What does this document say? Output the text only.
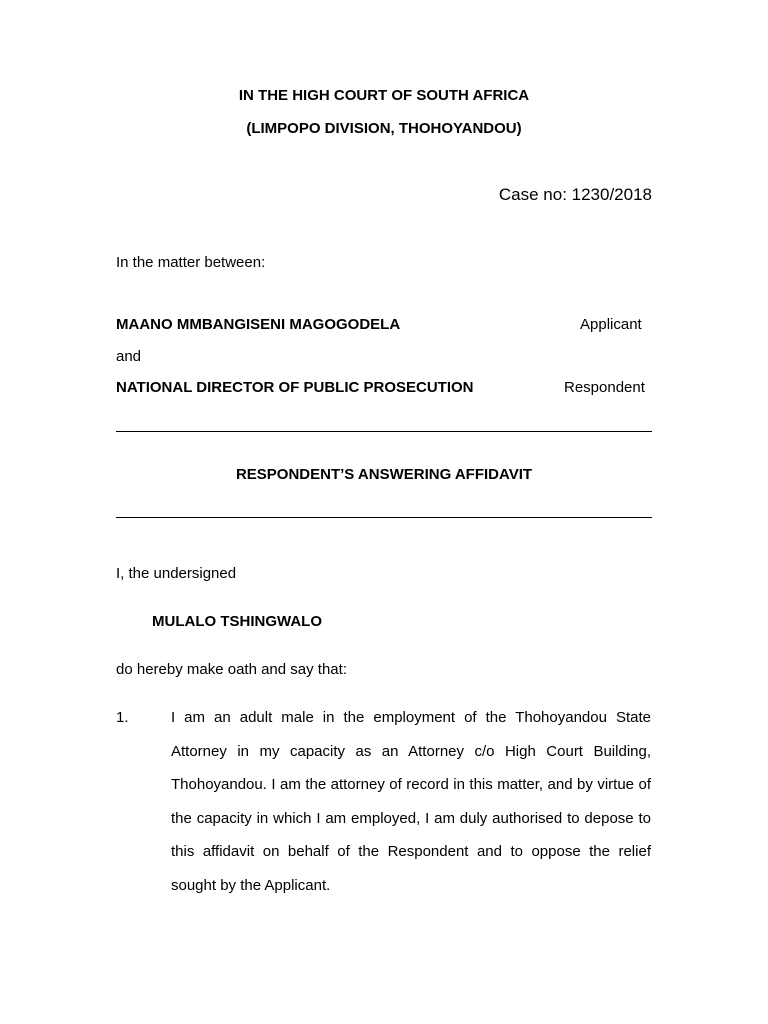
IN THE HIGH COURT OF SOUTH AFRICA
(LIMPOPO DIVISION, THOHOYANDOU)
Case no: 1230/2018
In the matter between:
MAANO MMBANGISENI MAGOGODELA	Applicant
and
NATIONAL DIRECTOR OF PUBLIC PROSECUTION	Respondent
RESPONDENT’S ANSWERING AFFIDAVIT
I, the undersigned
MULALO TSHINGWALO
do hereby make oath and say that:
1.	I am an adult male in the employment of the Thohoyandou State Attorney in my capacity as an Attorney c/o High Court Building, Thohoyandou. I am the attorney of record in this matter, and by virtue of the capacity in which I am employed, I am duly authorised to depose to this affidavit on behalf of the Respondent and to oppose the relief sought by the Applicant.
